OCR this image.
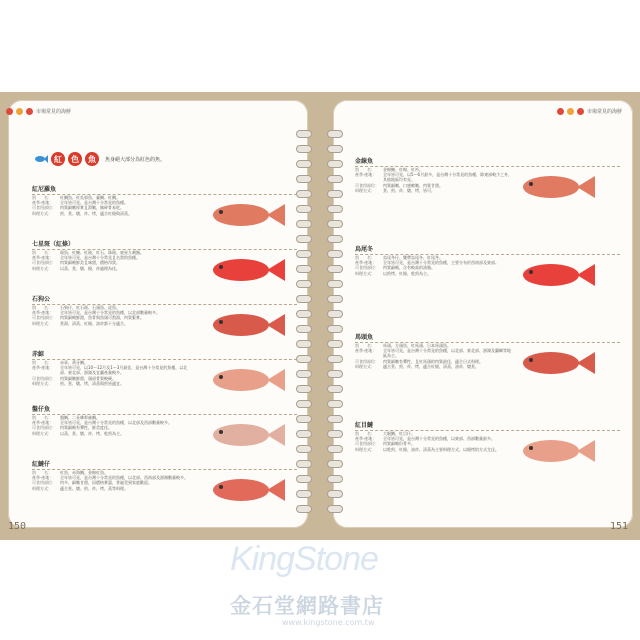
市場常見的海鮮	市場常見的海鮮
紅	色	魚	魚身絕大部分為紅色的魚。
紅尼羅魚
別　　名：	紅鯛魚、紅吳郭魚、臺鯛、紅鯛。
產季‧產地：	全年皆可見，是台灣十分常見的魚種。
可食用部位：	肉質細嫩厚實且滑嫩，無碎骨易吃。
料理方式：	煎、煮、燉、炸、烤，適合紅燒與清蒸。
七星斑（紅條）
別　　名：	斑魚、紅鰱、紅斑、紅石、珠斑、東星九刺鮨。
產季‧產地：	全年皆可見，是台灣十分常見且名貴的魚種。
可食用部位：	肉質細緻鮮美且味甜，價格昂貴。
料理方式：	以蒸、煮、燉、燒、炸處理為佳。
石狗公
別　　名：	石狗仔、紅石斑、石頭魚、虎魚。
產季‧產地：	全年皆可見，是台灣十分常見的魚種，以北部數量較多。
可食用部位：	肉質細緻鮮甜，魚骨與魚頭可熬湯，肉質緊實。
料理方式：	煮湯、清蒸、紅燒、油炸都十分適合。
赤鯮
別　　名：	赤章、黃牙鯛。
產季‧產地：	全年皆可見，以10～12月及1～3月最佳，是台灣十分常見的魚種，以北部、東北部、澎湖及宜蘭產量較多。
可食用部位：	肉質細嫩鮮甜，頭部骨質較硬。
料理方式：	煎、煮、燉、烤，清蒸與煎皆適宜。
盤仔魚
別　　名：	盤鯛、二長棘犁齒鯛。
產季‧產地：	全年皆可見，是台灣十分常見的魚種，以北部及西部數量較多。
可食用部位：	肉質細緻有彈性，鮮美度佳。
料理方式：	以蒸、煮、燉、炸、烤、乾煎為主。
紅鰱仔
別　　名：	紅魚、赤海鯛、金線紅魚。
產季‧產地：	全年皆可見，是台灣十分常見的魚種，以北部、西南部及澎湖數量較多。
可食用部位：	肉多、細嫩甘甜，因價格實惠，普遍受到家庭歡迎。
料理方式：	適合煮、燉、煎、炸、烤、蒸等料理。
金線魚
別　　名：	金線鰱、紅線、紅衫。
產季‧產地：	全年皆可見，以5～6月最多，是台灣十分常見的魚種，除東部較少之外，其他地區均有見。
可食用部位：	肉質細嫩、口感軟嫩，肉質甘甜。
料理方式：	煮、煎、炸、燉、烤，皆可。
烏尾冬
別　　名：	烏尾冬仔、雙帶烏尾冬、紅尾冬。
產季‧產地：	全年皆可見，是台灣十分常見的魚種，主要分布於西南部及東部。
可食用部位：	肉質細緻，含有較高的油脂。
料理方式：	以煎烤、紅燒、乾煎為主。
馬頭魚
別　　名：	馬頭、方頭魚、紅馬頭、日本馬頭魚。
產季‧產地：	全年皆可見，是台灣十分常見的魚種，以北部、東北部、澎湖及蘭嶼等地區為主。
可食用部位：	肉質細嫩有彈性，且紅馬頭的肉質最佳，適合日式料理。
料理方式：	適合煮、煎、炸、烤，適合紅燒、清蒸、油炸、燉煮。
紅目鰱
別　　名：	大眼鯛、紅目仔。
產季‧產地：	全年皆可見，是台灣十分常見的魚種，以東部、西部數量最多。
可食用部位：	肉質細緻但骨多。
料理方式：	以乾煎、紅燒、油炸、清蒸為主要料理方式，以燒烤的方式尤佳。
150	151
KingStone
金石堂網路書店
www.kingstone.com.tw
